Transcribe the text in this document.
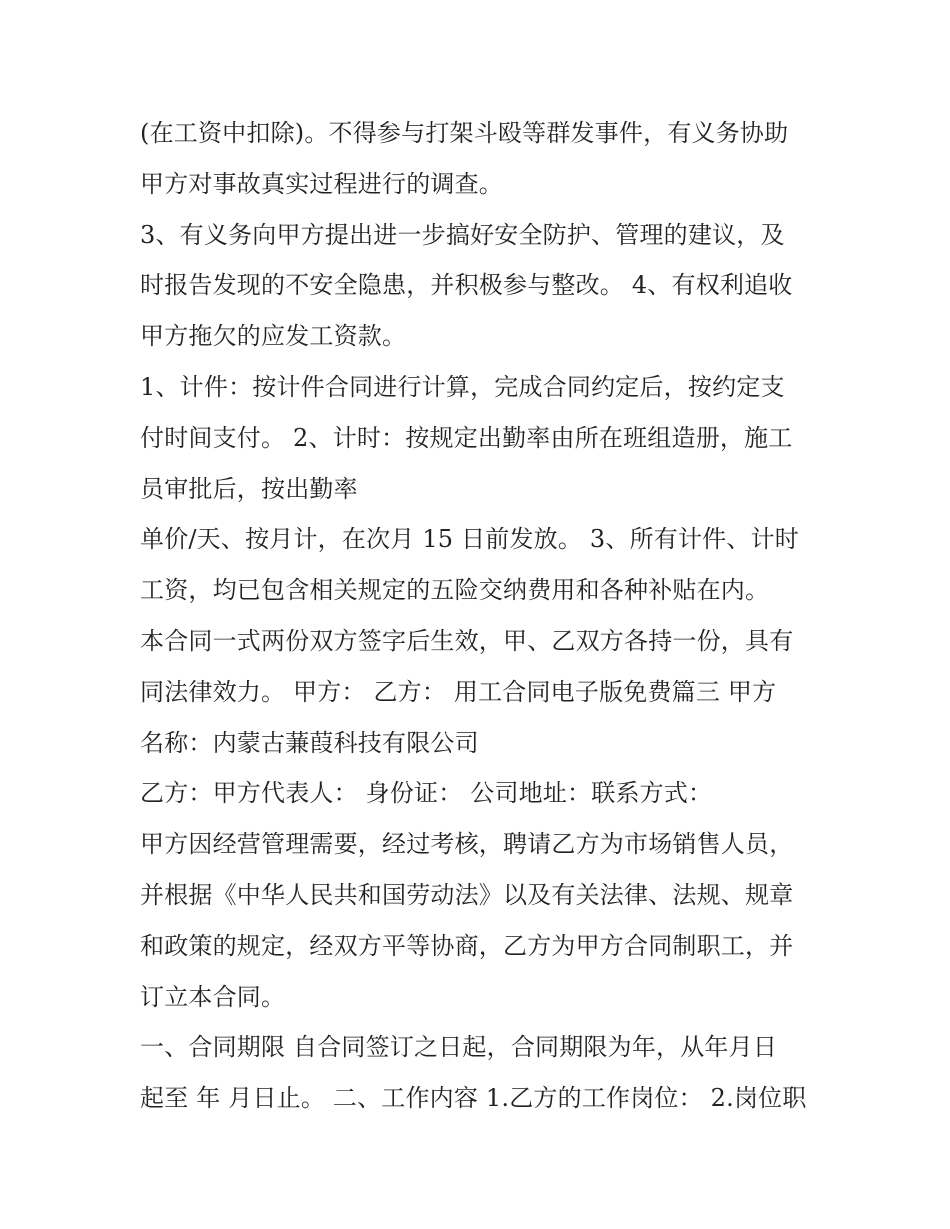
(在工资中扣除)。不得参与打架斗殴等群发事件，有义务协助
甲方对事故真实过程进行的调查。
3、有义务向甲方提出进一步搞好安全防护、管理的建议，及
时报告发现的不安全隐患，并积极参与整改。 4、有权利追收
甲方拖欠的应发工资款。
1、计件：按计件合同进行计算，完成合同约定后，按约定支
付时间支付。 2、计时：按规定出勤率由所在班组造册，施工
员审批后，按出勤率
单价/天、按月计，在次月 15 日前发放。 3、所有计件、计时
工资，均已包含相关规定的五险交纳费用和各种补贴在内。
本合同一式两份双方签字后生效，甲、乙双方各持一份，具有
同法律效力。 甲方： 乙方： 用工合同电子版免费篇三 甲方
名称：内蒙古蒹葭科技有限公司
乙方：甲方代表人： 身份证： 公司地址：联系方式：
甲方因经营管理需要，经过考核，聘请乙方为市场销售人员，
并根据《中华人民共和国劳动法》以及有关法律、法规、规章
和政策的规定，经双方平等协商，乙方为甲方合同制职工，并
订立本合同。
一、合同期限 自合同签订之日起，合同期限为年，从年月日
起至 年 月日止。 二、工作内容 1.乙方的工作岗位： 2.岗位职
